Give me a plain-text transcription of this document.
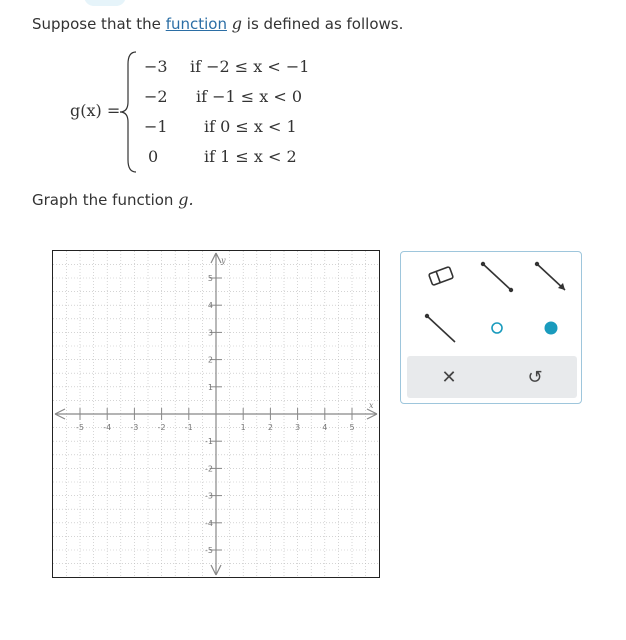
Suppose that the function g is defined as follows.
g(x) =
−3 if −2 ≤ x < −1
−2 if −1 ≤ x < 0
−1 if 0 ≤ x < 1
0	if 1 ≤ x < 2
Graph the function g.
-5 -4 -3 -2 -1	1	2	3	4	5
5
4
3
2
1
-1
-2
-3
-4
-5
x
y
✕	↺
